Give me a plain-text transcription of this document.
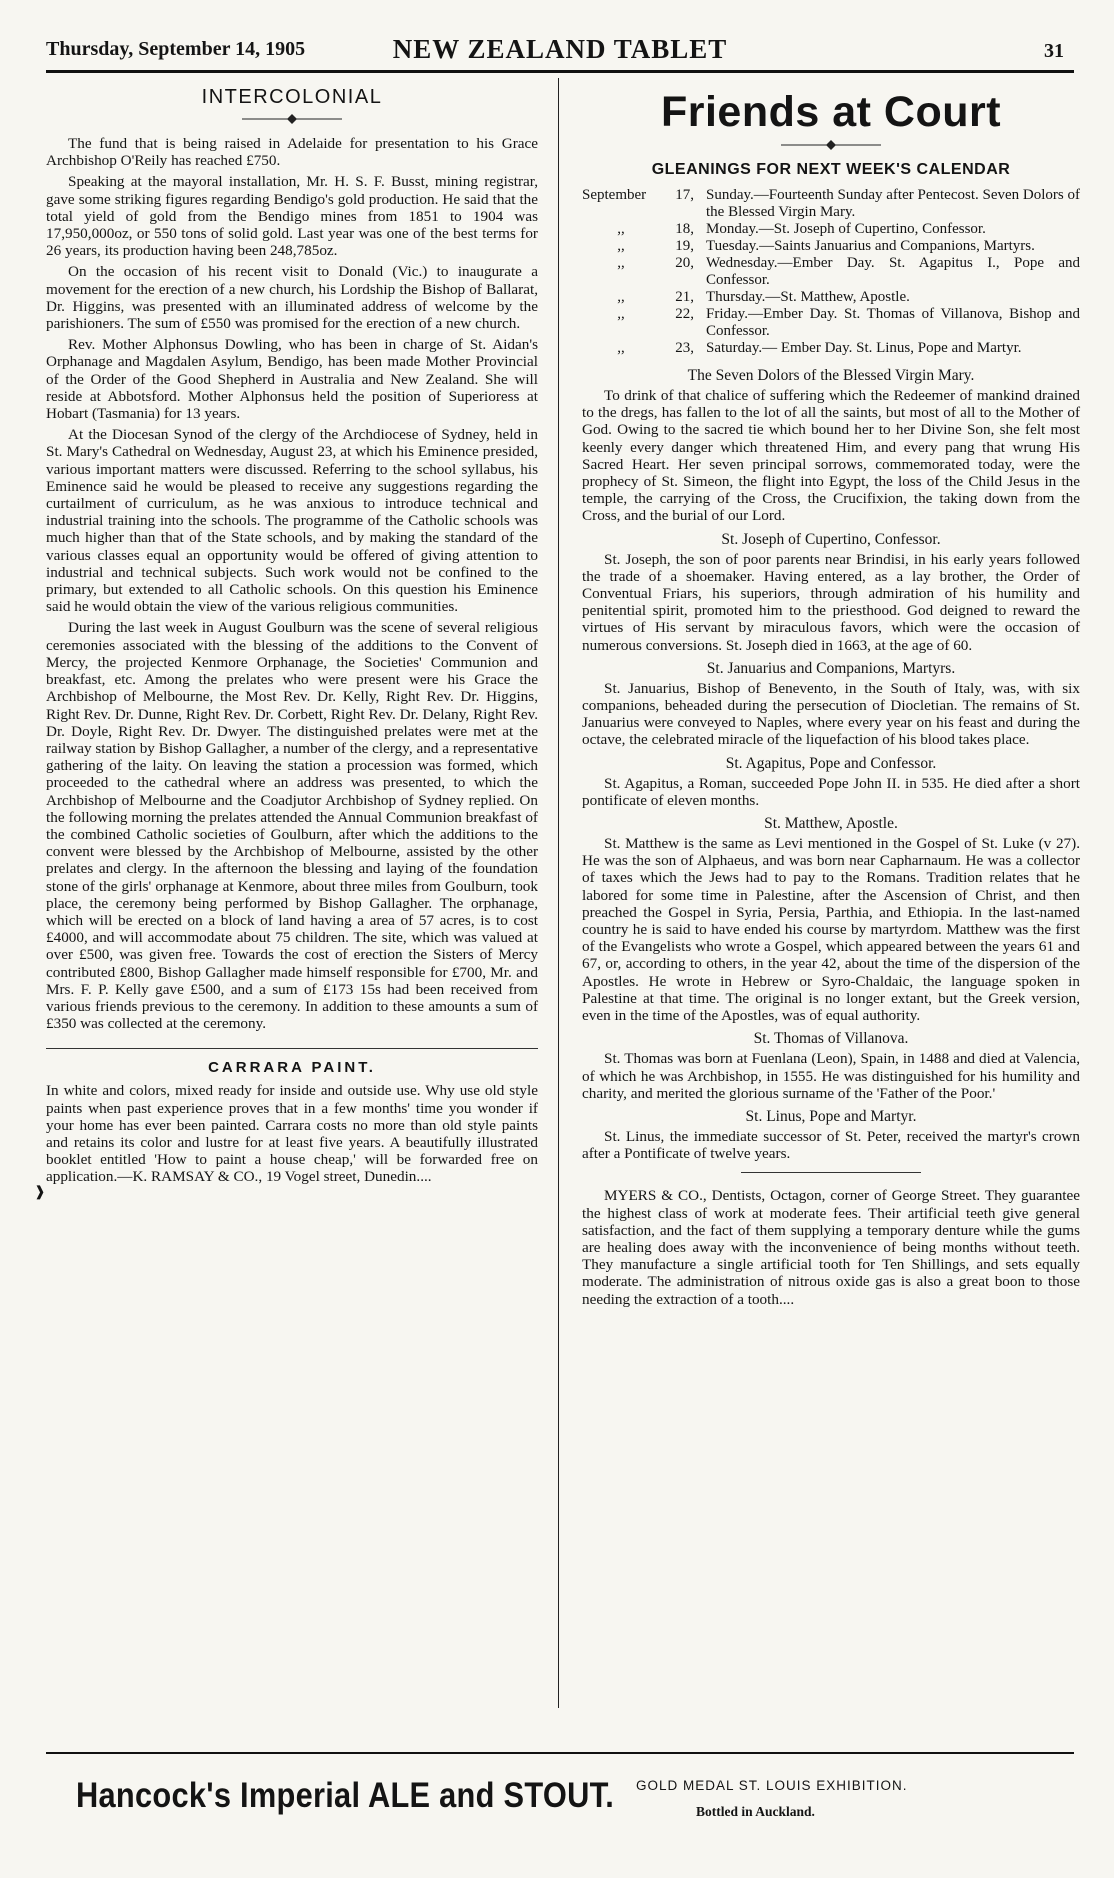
Thursday, September 14, 1905	NEW ZEALAND TABLET	31
INTERCOLONIAL

The fund that is being raised in Adelaide for presentation to his Grace Archbishop O'Reily has reached £750.

Speaking at the mayoral installation, Mr. H. S. F. Busst, mining registrar, gave some striking figures regarding Bendigo's gold production. He said that the total yield of gold from the Bendigo mines from 1851 to 1904 was 17,950,000oz, or 550 tons of solid gold. Last year was one of the best terms for 26 years, its production having been 248,785oz.

On the occasion of his recent visit to Donald (Vic.) to inaugurate a movement for the erection of a new church, his Lordship the Bishop of Ballarat, Dr. Higgins, was presented with an illuminated address of welcome by the parishioners. The sum of £550 was promised for the erection of a new church.

Rev. Mother Alphonsus Dowling, who has been in charge of St. Aidan's Orphanage and Magdalen Asylum, Bendigo, has been made Mother Provincial of the Order of the Good Shepherd in Australia and New Zealand. She will reside at Abbotsford. Mother Alphonsus held the position of Superioress at Hobart (Tasmania) for 13 years.

At the Diocesan Synod of the clergy of the Archdiocese of Sydney, held in St. Mary's Cathedral on Wednesday, August 23, at which his Eminence presided, various important matters were discussed. Referring to the school syllabus, his Eminence said he would be pleased to receive any suggestions regarding the curtailment of curriculum, as he was anxious to introduce technical and industrial training into the schools. The programme of the Catholic schools was much higher than that of the State schools, and by making the standard of the various classes equal an opportunity would be offered of giving attention to industrial and technical subjects. Such work would not be confined to the primary, but extended to all Catholic schools. On this question his Eminence said he would obtain the view of the various religious communities.

During the last week in August Goulburn was the scene of several religious ceremonies associated with the blessing of the additions to the Convent of Mercy, the projected Kenmore Orphanage, the Societies' Communion and breakfast, etc. Among the prelates who were present were his Grace the Archbishop of Melbourne, the Most Rev. Dr. Kelly, Right Rev. Dr. Higgins, Right Rev. Dr. Dunne, Right Rev. Dr. Corbett, Right Rev. Dr. Delany, Right Rev. Dr. Doyle, Right Rev. Dr. Dwyer. The distinguished prelates were met at the railway station by Bishop Gallagher, a number of the clergy, and a representative gathering of the laity. On leaving the station a procession was formed, which proceeded to the cathedral where an address was presented, to which the Archbishop of Melbourne and the Coadjutor Archbishop of Sydney replied. On the following morning the prelates attended the Annual Communion breakfast of the combined Catholic societies of Goulburn, after which the additions to the convent were blessed by the Archbishop of Melbourne, assisted by the other prelates and clergy. In the afternoon the blessing and laying of the foundation stone of the girls' orphanage at Kenmore, about three miles from Goulburn, took place, the ceremony being performed by Bishop Gallagher. The orphanage, which will be erected on a block of land having a area of 57 acres, is to cost £4000, and will accommodate about 75 children. The site, which was valued at over £500, was given free. Towards the cost of erection the Sisters of Mercy contributed £800, Bishop Gallagher made himself responsible for £700, Mr. and Mrs. F. P. Kelly gave £500, and a sum of £173 15s had been received from various friends previous to the ceremony. In addition to these amounts a sum of £350 was collected at the ceremony.

CARRARA PAINT.
❱

In white and colors, mixed ready for inside and outside use. Why use old style paints when past experience proves that in a few months' time you wonder if your home has ever been painted. Carrara costs no more than old style paints and retains its color and lustre for at least five years. A beautifully illustrated booklet entitled 'How to paint a house cheap,' will be forwarded free on application.—K. RAMSAY & CO., 19 Vogel street, Dunedin....

Friends at Court
GLEANINGS FOR NEXT WEEK'S CALENDAR
September	17,	Sunday.—Fourteenth Sunday after Pentecost. Seven Dolors of the Blessed Virgin Mary.
,,	18,	Monday.—St. Joseph of Cupertino, Confessor.
,,	19,	Tuesday.—Saints Januarius and Companions, Martyrs.
,,	20,	Wednesday.—Ember Day. St. Agapitus I., Pope and Confessor.
,,	21,	Thursday.—St. Matthew, Apostle.
,,	22,	Friday.—Ember Day. St. Thomas of Villanova, Bishop and Confessor.
,,	23,	Saturday.— Ember Day. St. Linus, Pope and Martyr.
The Seven Dolors of the Blessed Virgin Mary.

To drink of that chalice of suffering which the Redeemer of mankind drained to the dregs, has fallen to the lot of all the saints, but most of all to the Mother of God. Owing to the sacred tie which bound her to her Divine Son, she felt most keenly every danger which threatened Him, and every pang that wrung His Sacred Heart. Her seven principal sorrows, commemorated today, were the prophecy of St. Simeon, the flight into Egypt, the loss of the Child Jesus in the temple, the carrying of the Cross, the Crucifixion, the taking down from the Cross, and the burial of our Lord.

St. Joseph of Cupertino, Confessor.

St. Joseph, the son of poor parents near Brindisi, in his early years followed the trade of a shoemaker. Having entered, as a lay brother, the Order of Conventual Friars, his superiors, through admiration of his humility and penitential spirit, promoted him to the priesthood. God deigned to reward the virtues of His servant by miraculous favors, which were the occasion of numerous conversions. St. Joseph died in 1663, at the age of 60.

St. Januarius and Companions, Martyrs.

St. Januarius, Bishop of Benevento, in the South of Italy, was, with six companions, beheaded during the persecution of Diocletian. The remains of St. Januarius were conveyed to Naples, where every year on his feast and during the octave, the celebrated miracle of the liquefaction of his blood takes place.

St. Agapitus, Pope and Confessor.

St. Agapitus, a Roman, succeeded Pope John II. in 535. He died after a short pontificate of eleven months.

St. Matthew, Apostle.

St. Matthew is the same as Levi mentioned in the Gospel of St. Luke (v 27). He was the son of Alphaeus, and was born near Capharnaum. He was a collector of taxes which the Jews had to pay to the Romans. Tradition relates that he labored for some time in Palestine, after the Ascension of Christ, and then preached the Gospel in Syria, Persia, Parthia, and Ethiopia. In the last-named country he is said to have ended his course by martyrdom. Matthew was the first of the Evangelists who wrote a Gospel, which appeared between the years 61 and 67, or, according to others, in the year 42, about the time of the dispersion of the Apostles. He wrote in Hebrew or Syro-Chaldaic, the language spoken in Palestine at that time. The original is no longer extant, but the Greek version, even in the time of the Apostles, was of equal authority.

St. Thomas of Villanova.

St. Thomas was born at Fuenlana (Leon), Spain, in 1488 and died at Valencia, of which he was Archbishop, in 1555. He was distinguished for his humility and charity, and merited the glorious surname of the 'Father of the Poor.'

St. Linus, Pope and Martyr.

St. Linus, the immediate successor of St. Peter, received the martyr's crown after a Pontificate of twelve years.

MYERS & CO., Dentists, Octagon, corner of George Street. They guarantee the highest class of work at moderate fees. Their artificial teeth give general satisfaction, and the fact of them supplying a temporary denture while the gums are healing does away with the inconvenience of being months without teeth. They manufacture a single artificial tooth for Ten Shillings, and sets equally moderate. The administration of nitrous oxide gas is also a great boon to those needing the extraction of a tooth....

Hancock's Imperial ALE and STOUT. GOLD MEDAL ST. LOUIS EXHIBITION.
Bottled in Auckland.
